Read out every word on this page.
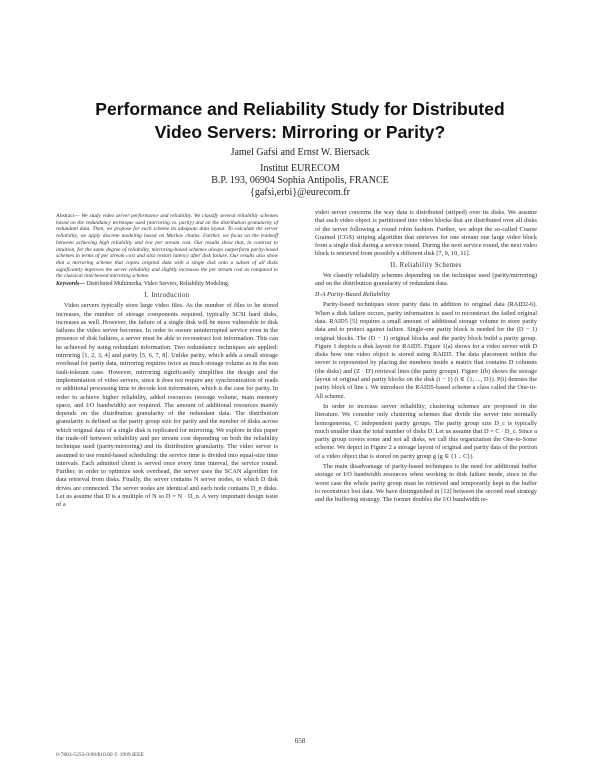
Performance and Reliability Study for Distributed
Video Servers: Mirroring or Parity?
Jamel Gafsi and Ernst W. Biersack
Institut EURECOM
B.P. 193, 06904 Sophia Antipolis, FRANCE
{gafsi,erbi}@eurecom.fr

Abstract— We study video server performance and reliability. We classify several reliability schemes based on the redundancy technique used (mirroring vs. parity) and on the distribution granularity of redundant data. Then, we propose for each scheme its adequate data layout. To calculate the server reliability, we apply discrete modeling based on Markov chains. Further, we focus on the tradeoff between achieving high reliability and low per stream cost. Our results show that, in contrast to intuition, for the same degree of reliability, mirroring-based schemes always outperform parity-based schemes in terms of per stream cost and also restart latency after disk failure. Our results also show that a mirroring scheme that copies original data with a single disk onto a subset of all disks significantly improves the server reliability and slightly increases the per stream cost as compared to the classical interleaved mirroring scheme.

Keywords— Distributed Multimedia, Video Servers, Reliability Modeling.

I. Introduction

Video servers typically store large video files. As the number of files to be stored increases, the number of storage components required, typically SCSI hard disks, increases as well. However, the failure of a single disk will be more vulnerable to disk failures the video server becomes. In order to ensure uninterrupted service even in the presence of disk failures, a server must be able to reconstruct lost information. This can be achieved by using redundant information. Two redundancy techniques are applied: mirroring [1, 2, 3, 4] and parity [5, 6, 7, 8]. Unlike parity, which adds a small storage overhead for parity data, mirroring requires twice as much storage volume as in the non fault-tolerant case. However, mirroring significantly simplifies the design and the implementation of video servers, since it does not require any synchronization of reads or additional processing time to decode lost information, which is the case for parity. In order to achieve higher reliability, added resources (storage volume, main memory space, and I/O bandwidth) are required. The amount of additional resources mainly depends on the distribution granularity of the redundant data. The distribution granularity is defined as the parity group size for parity and the number of disks across which original data of a single disk is replicated for mirroring. We explore in this paper the trade-off between reliability and per stream cost depending on both the reliability technique used (parity/mirroring) and its distribution granularity. The video server is assumed to use round-based scheduling: the service time is divided into equal-size time intervals. Each admitted client is served once every time interval, the service round. Further, in order to optimize seek overhead, the server uses the SCAN algorithm for data retrieval from disks. Finally, the server contains N server nodes, to which D disk drives are connected. The server nodes are identical and each node contains D_n disks. Let us assume that D is a multiple of N so D = N · D_n. A very important design issue of a

video server concerns the way data is distributed (striped) over its disks. We assume that each video object is partitioned into video blocks that are distributed over all disks of the server following a round robin fashion. Further, we adopt the so-called Coarse Grained (CGS) striping algorithm that retrieves for one stream one large video block from a single disk during a service round. During the next service round, the next video block is retrieved from possibly a different disk [7, 9, 10, 11].

II. Reliability Schemes

We classify reliability schemes depending on the technique used (parity/mirroring) and on the distribution granularity of redundant data.

II-A Parity-Based Reliability

Parity-based techniques store parity data in addition to original data (RAID2-6). When a disk failure occurs, parity information is used to reconstruct the failed original data. RAID5 [5] requires a small amount of additional storage volume to store parity data and to protect against failure. Single-one parity block is needed for the (D − 1) original blocks. The (D − 1) original blocks and the parity block build a parity group. Figure 1 depicts a disk layout for RAID5. Figure 1(a) shows for a video server with D disks how one video object is stored using RAID5. The data placement within the server is represented by placing the numbers inside a matrix that contains D columns (the disks) and (Z · D') retrieval lines (the parity groups). Figure 1(b) shows the storage layout of original and parity blocks on the disk (i − 1) (i ∈ {1, ..., D}). P(i) denotes the parity block of line i. We introduce the RAID5-based scheme a class called the One-to-All scheme.

In order to increase server reliability, clustering schemes are proposed in the literature. We consider only clustering schemes that divide the server into normally homogeneous, C independent parity groups. The parity group size D_c is typically much smaller than the total number of disks D. Let us assume that D = C · D_c. Since a parity group covers some and not all disks, we call this organization the One-to-Some scheme. We depict in Figure 2 a storage layout of original and parity data of the portion of a video object that is stored on parity group g (g ∈ {1 .. C}).

The main disadvantage of parity-based techniques is the need for additional buffer storage or I/O bandwidth resources when working in disk failure mode, since in the worst case the whole parity group must be retrieved and temporarily kept in the buffer to reconstruct lost data. We have distinguished in [12] between the second read strategy and the buffering strategy. The former doubles the I/O bandwidth re-

658
0-7803-5253-0/99/$10.00 © 1999 IEEE
